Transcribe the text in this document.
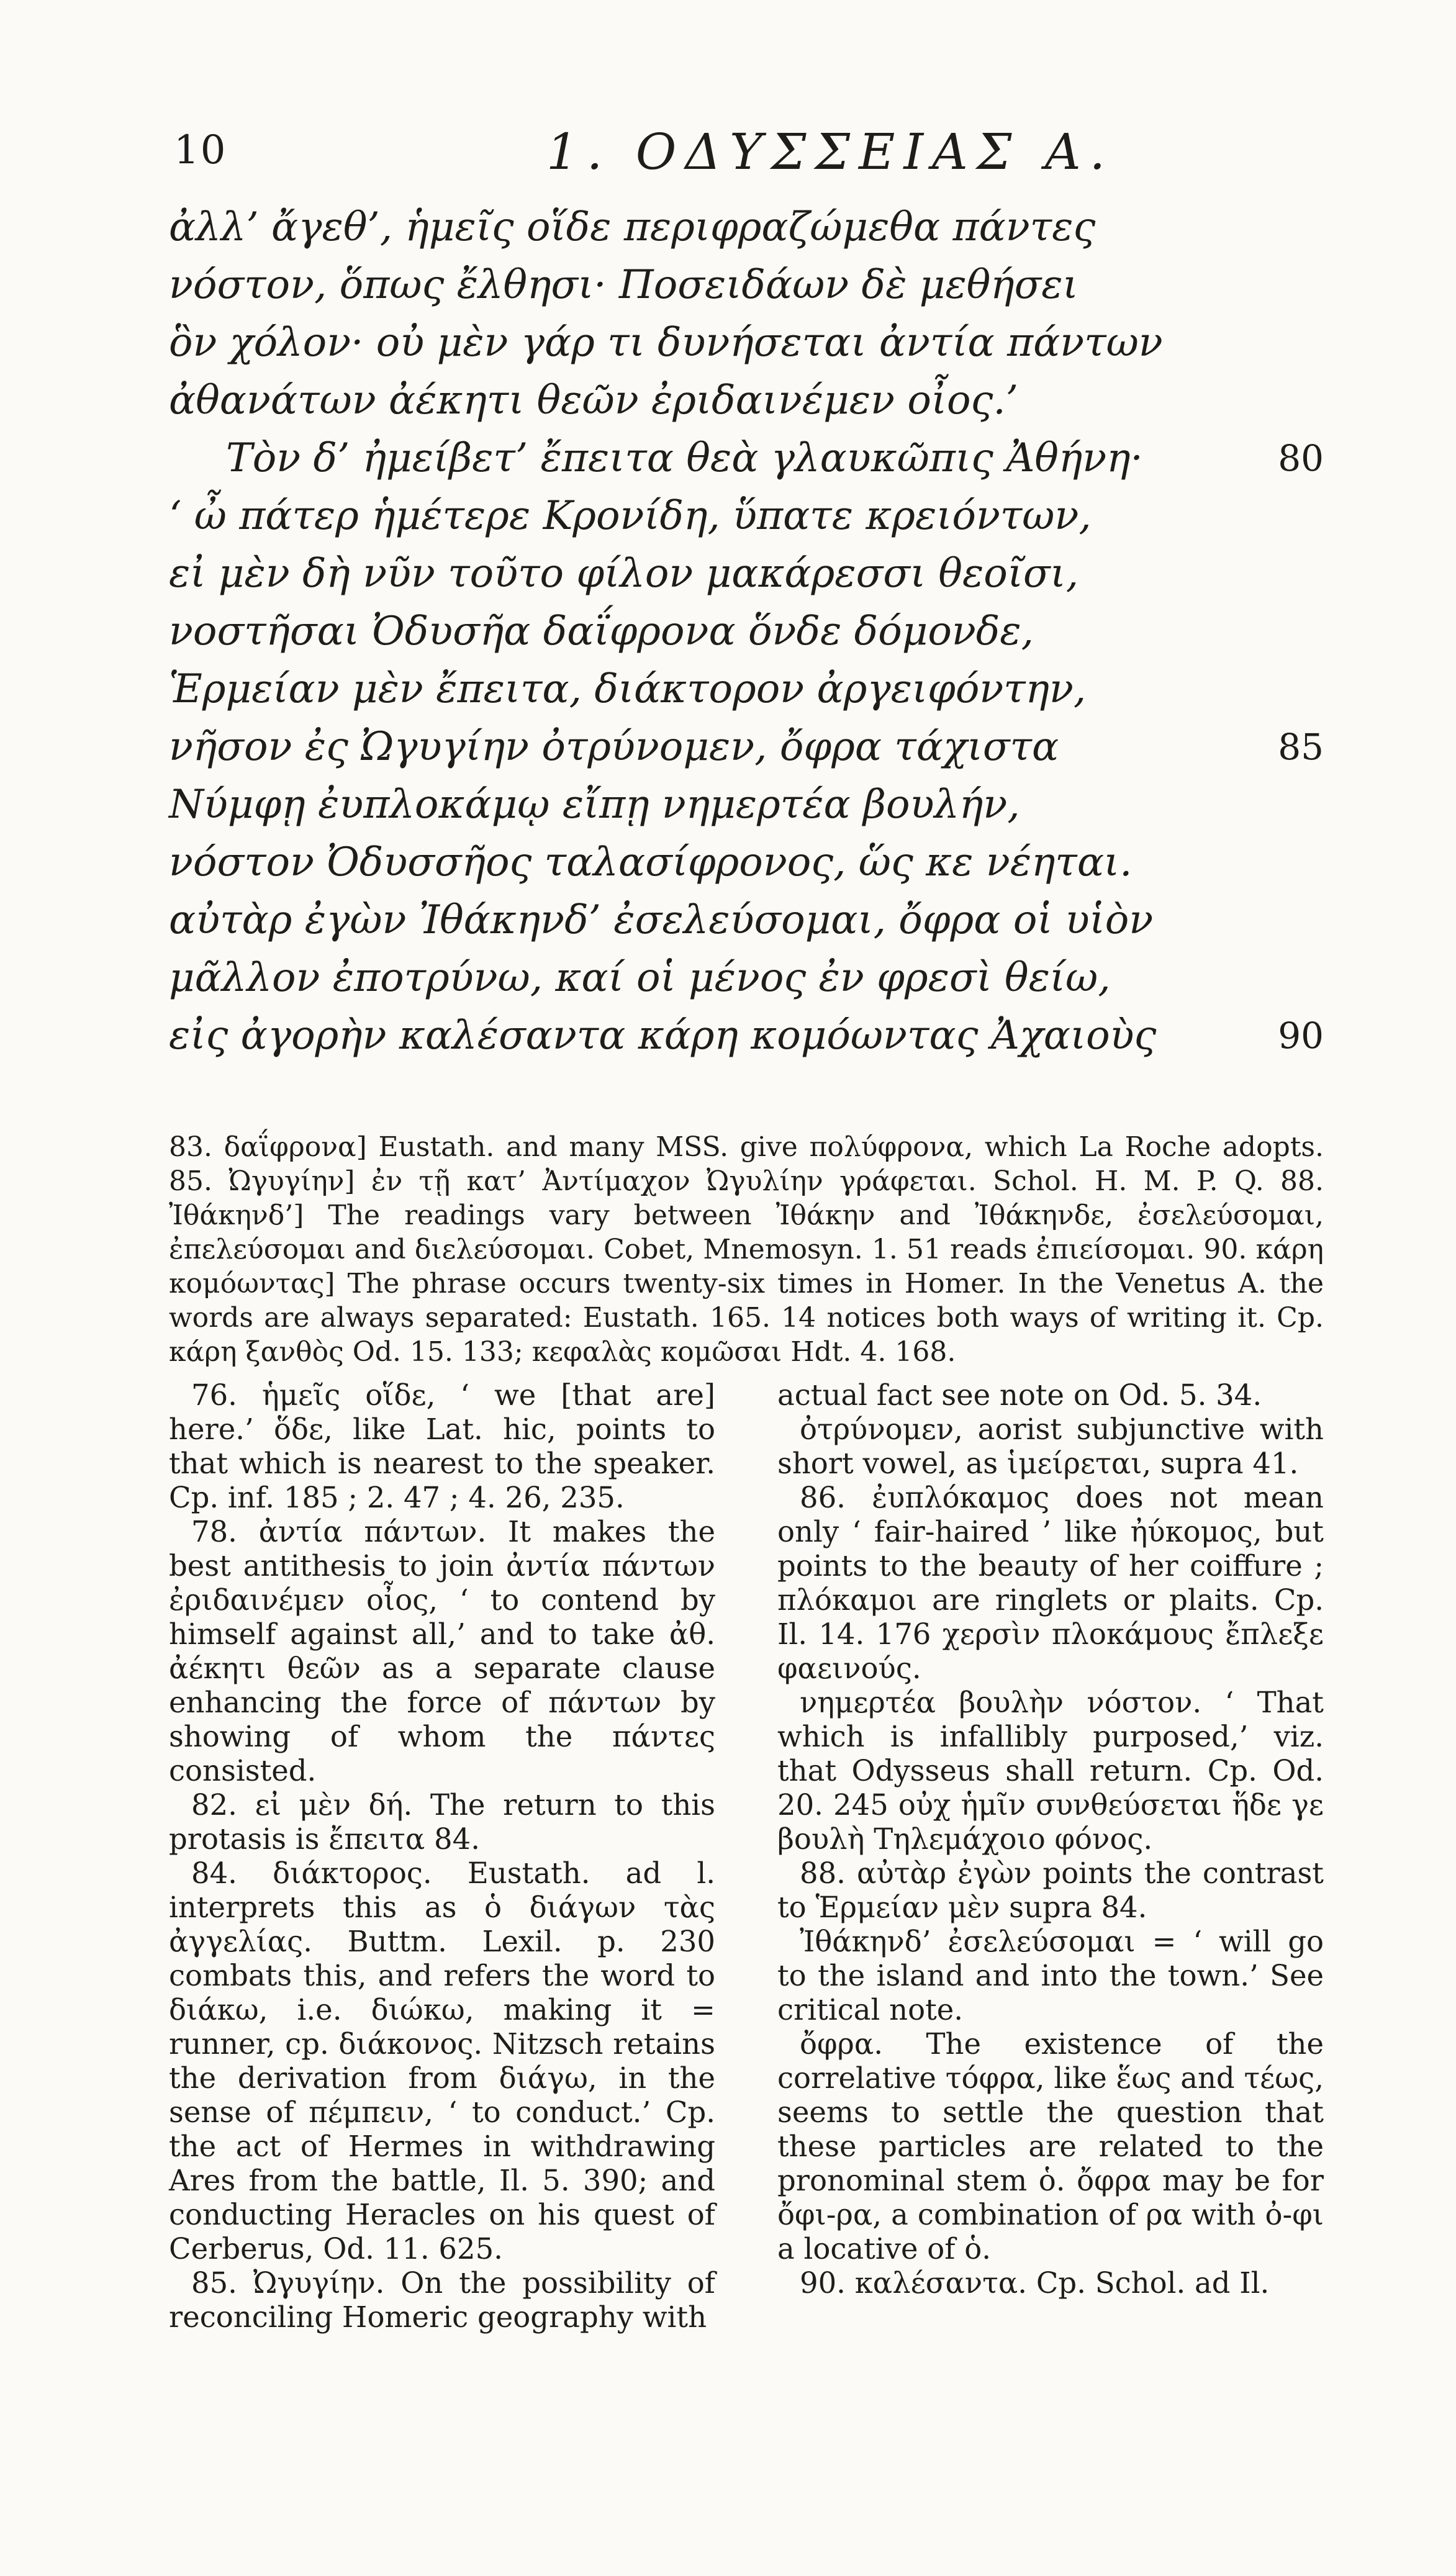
10	1. ΟΔΥΣΣΕΙΑΣ Α.
ἀλλ’ ἄγεθ’, ἡμεῖς οἵδε περιφραζώμεθα πάντες
νόστον, ὅπως ἔλθησι· Ποσειδάων δὲ μεθήσει
ὃν χόλον· οὐ μὲν γάρ τι δυνήσεται ἀντία πάντων
ἀθανάτων ἀέκητι θεῶν ἐριδαινέμεν οἶος.’
Τὸν δ’ ἠμείβετ’ ἔπειτα θεὰ γλαυκῶπις Ἀθήνη·	80
‘ ὦ πάτερ ἡμέτερε Κρονίδη, ὕπατε κρειόντων,
εἰ μὲν δὴ νῦν τοῦτο φίλον μακάρεσσι θεοῖσι,
νοστῆσαι Ὀδυσῆα δαΐφρονα ὅνδε δόμονδε,
Ἑρμείαν μὲν ἔπειτα, διάκτορον ἀργειφόντην,
νῆσον ἐς Ὠγυγίην ὀτρύνομεν, ὄφρα τάχιστα	85
Νύμφῃ ἐυπλοκάμῳ εἴπῃ νημερτέα βουλήν,
νόστον Ὀδυσσῆος ταλασίφρονος, ὥς κε νέηται.
αὐτὰρ ἐγὼν Ἰθάκηνδ’ ἐσελεύσομαι, ὄφρα οἱ υἱὸν
μᾶλλον ἐποτρύνω, καί οἱ μένος ἐν φρεσὶ θείω,
εἰς ἀγορὴν καλέσαντα κάρη κομόωντας Ἀχαιοὺς	90

83. δαΐφρονα] Eustath. and many MSS. give πολύφρονα, which La Roche adopts. 85. Ὠγυγίην] ἐν τῇ κατ’ Ἀντίμαχον Ὠγυλίην γράφεται. Schol. H. M. P. Q. 88. Ἰθάκηνδ’] The readings vary between Ἰθάκην and Ἰθάκηνδε, ἐσελεύσομαι, ἐπελεύσομαι and διελεύσομαι. Cobet, Mnemosyn. 1. 51 reads ἐπιείσομαι. 90. κάρη κομόωντας] The phrase occurs twenty-six times in Homer. In the Venetus A. the words are always separated: Eustath. 165. 14 notices both ways of writing it. Cp. κάρη ξανθὸς Od. 15. 133; κεφαλὰς κομῶσαι Hdt. 4. 168.

76. ἡμεῖς οἵδε, ‘ we [that are] here.’ ὅδε, like Lat. hic, points to that which is nearest to the speaker. Cp. inf. 185 ; 2. 47 ; 4. 26, 235.

78. ἀντία πάντων. It makes the best antithesis to join ἀντία πάντων ἐριδαινέμεν οἶος, ‘ to contend by himself against all,’ and to take ἀθ. ἀέκητι θεῶν as a separate clause enhancing the force of πάντων by showing of whom the πάντες consisted.

82. εἰ μὲν δή. The return to this protasis is ἔπειτα 84.

84. διάκτορος. Eustath. ad l. interprets this as ὁ διάγων τὰς ἀγγελίας. Buttm. Lexil. p. 230 combats this, and refers the word to διάκω, i.e. διώκω, making it = runner, cp. διάκονος. Nitzsch retains the derivation from διάγω, in the sense of πέμπειν, ‘ to conduct.’ Cp. the act of Hermes in withdrawing Ares from the battle, Il. 5. 390; and conducting Heracles on his quest of Cerberus, Od. 11. 625.

85. Ὠγυγίην. On the possibility of reconciling Homeric geography with

actual fact see note on Od. 5. 34.

ὀτρύνομεν, aorist subjunctive with short vowel, as ἱμείρεται, supra 41.

86. ἐυπλόκαμος does not mean only ‘ fair-haired ’ like ἠύκομος, but points to the beauty of her coiffure ; πλόκαμοι are ringlets or plaits. Cp. Il. 14. 176 χερσὶν πλοκάμους ἔπλεξε φαεινούς.

νημερτέα βουλὴν νόστον. ‘ That which is infallibly purposed,’ viz. that Odysseus shall return. Cp. Od. 20. 245 οὐχ ἡμῖν συνθεύσεται ἥδε γε βουλὴ Τηλεμάχοιο φόνος.

88. αὐτὰρ ἐγὼν points the contrast to Ἑρμείαν μὲν supra 84.

Ἰθάκηνδ’ ἐσελεύσομαι = ‘ will go to the island and into the town.’ See critical note.

ὄφρα. The existence of the correlative τόφρα, like ἕως and τέως, seems to settle the question that these particles are related to the pronominal stem ὁ. ὄφρα may be for ὄφι-ρα, a combination of ρα with ὀ-φι a locative of ὁ.

90. καλέσαντα. Cp. Schol. ad Il.
